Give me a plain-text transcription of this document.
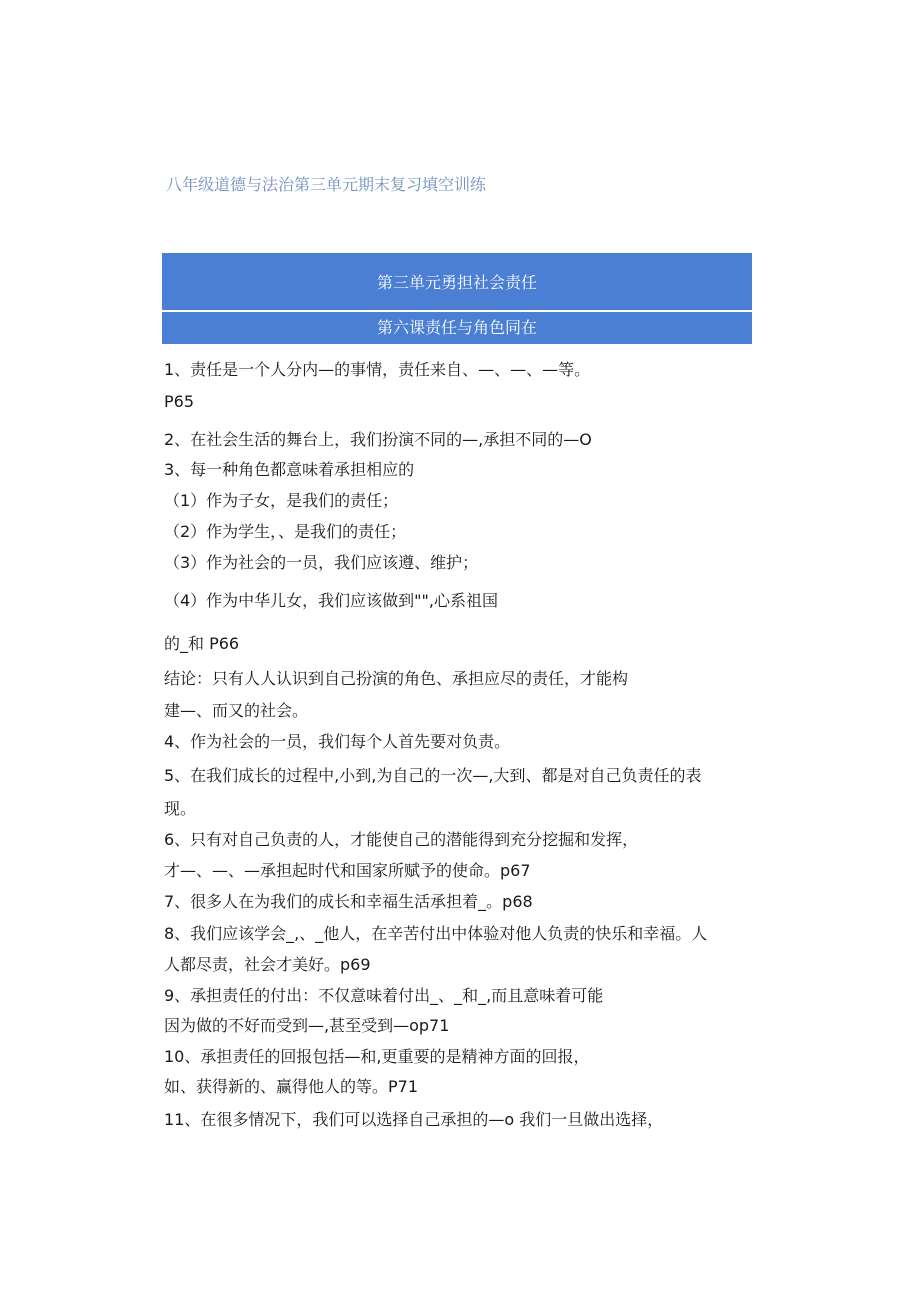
八年级道德与法治第三单元期末复习填空训练
第三单元勇担社会责任
第六课责任与角色同在
1、责任是一个人分内—的事情，责任来自、—、—、—等。
P65
2、在社会生活的舞台上，我们扮演不同的—,承担不同的—O
3、每一种角色都意味着承担相应的
（1）作为子女，是我们的责任；
（2）作为学生，、是我们的责任；
（3）作为社会的一员，我们应该遵、维护；
（4）作为中华儿女，我们应该做到"",心系祖国
的_和 P66
结论：只有人人认识到自己扮演的角色、承担应尽的责任，才能构
建—、而又的社会。
4、作为社会的一员，我们每个人首先要对负责。
5、在我们成长的过程中,小到,为自己的一次—,大到、都是对自己负责任的表
现。
6、只有对自己负责的人，才能使自己的潜能得到充分挖掘和发挥，
才—、—、—承担起时代和国家所赋予的使命。p67
7、很多人在为我们的成长和幸福生活承担着_。p68
8、我们应该学会_,、_他人，在辛苦付出中体验对他人负责的快乐和幸福。人
人都尽责，社会才美好。p69
9、承担责任的付出：不仅意味着付出_、_和_,而且意味着可能
因为做的不好而受到—,甚至受到—op71
10、承担责任的回报包括—和,更重要的是精神方面的回报，
如、获得新的、赢得他人的等。P71
11、在很多情况下，我们可以选择自己承担的—o 我们一旦做出选择，
